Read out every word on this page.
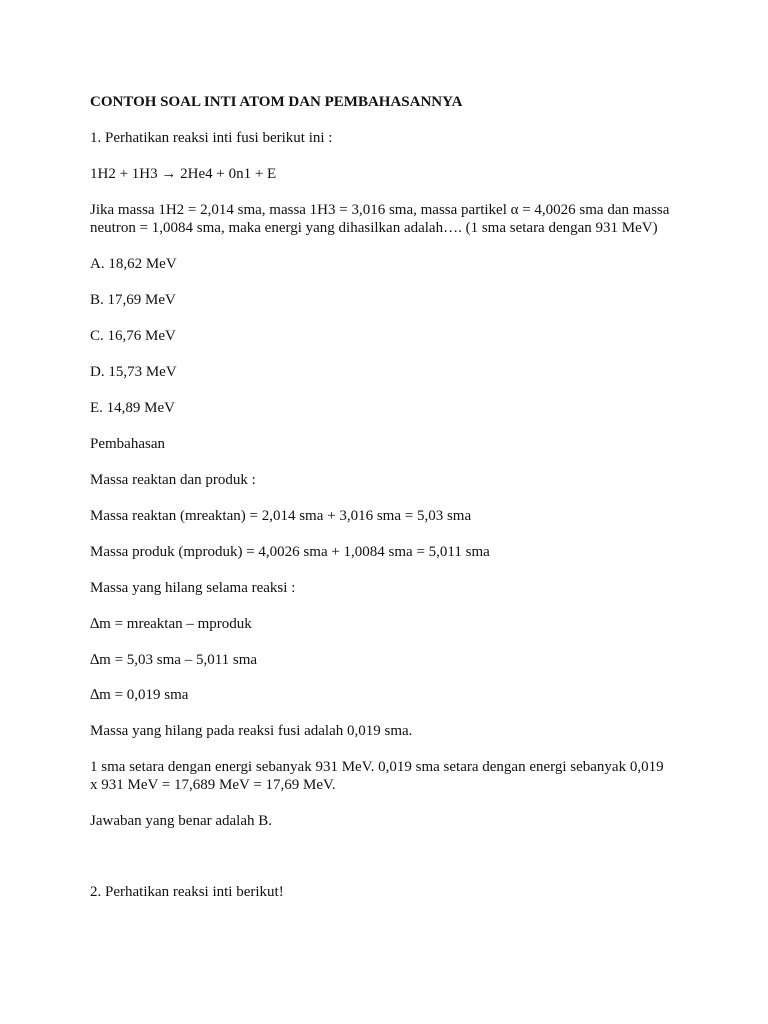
CONTOH SOAL INTI ATOM DAN PEMBAHASANNYA
1. Perhatikan reaksi inti fusi berikut ini :
1H2 + 1H3 → 2He4 + 0n1 + E
Jika massa 1H2 = 2,014 sma, massa 1H3 = 3,016 sma, massa partikel α = 4,0026 sma dan massa
neutron = 1,0084 sma, maka energi yang dihasilkan adalah…. (1 sma setara dengan 931 MeV)
A. 18,62 MeV
B. 17,69 MeV
C. 16,76 MeV
D. 15,73 MeV
E. 14,89 MeV
Pembahasan
Massa reaktan dan produk :
Massa reaktan (mreaktan) = 2,014 sma + 3,016 sma = 5,03 sma
Massa produk (mproduk) = 4,0026 sma + 1,0084 sma = 5,011 sma
Massa yang hilang selama reaksi :
∆m = mreaktan – mproduk
∆m = 5,03 sma – 5,011 sma
∆m = 0,019 sma
Massa yang hilang pada reaksi fusi adalah 0,019 sma.
1 sma setara dengan energi sebanyak 931 MeV. 0,019 sma setara dengan energi sebanyak 0,019
x 931 MeV = 17,689 MeV = 17,69 MeV.
Jawaban yang benar adalah B.
2. Perhatikan reaksi inti berikut!
